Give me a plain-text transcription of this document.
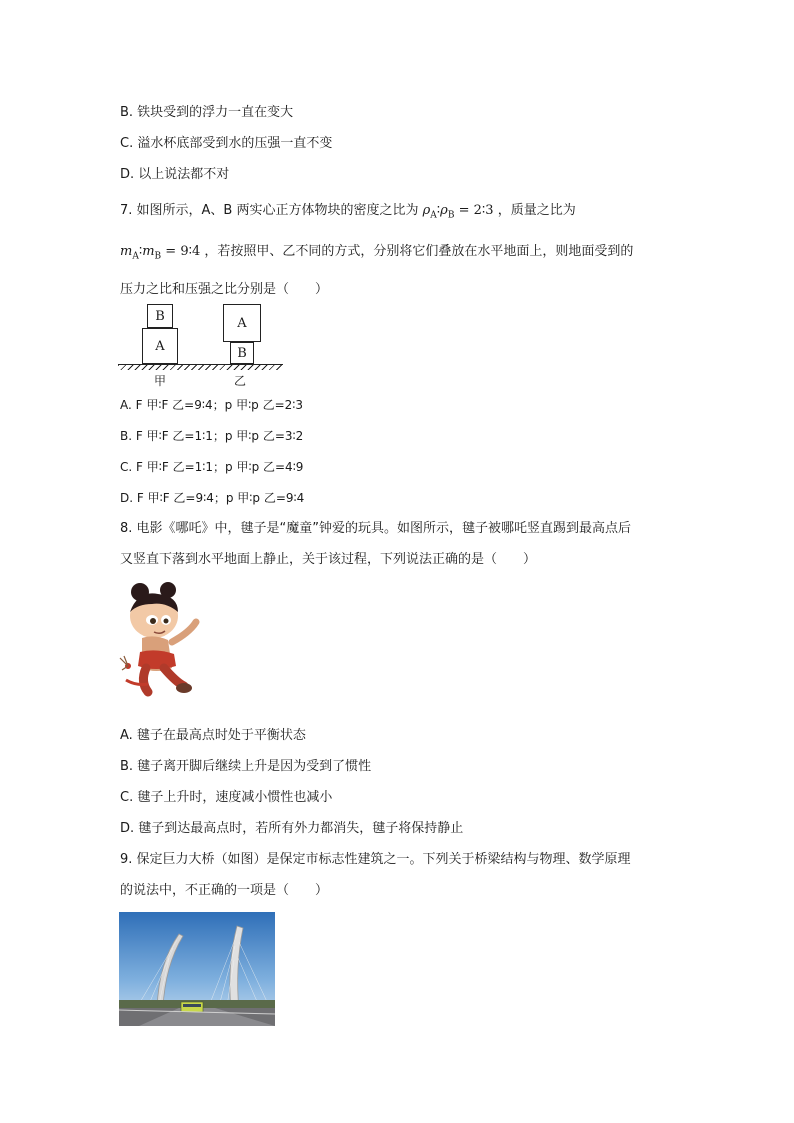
B. 铁块受到的浮力一直在变大
C. 溢水杯底部受到水的压强一直不变
D. 以上说法都不对
7. 如图所示，A、B 两实心正方体物块的密度之比为 $\rho_A∶\rho_B$ = 2∶3 ，质量之比为
$m_A∶m_B$ = 9∶4 ，若按照甲、乙不同的方式，分别将它们叠放在水平地面上，则地面受到的
压力之比和压强之比分别是（　　）
B
A
A
B
甲	乙
A. F 甲∶F 乙=9∶4；p 甲∶p 乙=2∶3
B. F 甲∶F 乙=1∶1；p 甲∶p 乙=3∶2
C. F 甲∶F 乙=1∶1；p 甲∶p 乙=4∶9
D. F 甲∶F 乙=9∶4；p 甲∶p 乙=9∶4
8. 电影《哪吒》中，毽子是“魔童”钟爱的玩具。如图所示，毽子被哪吒竖直踢到最高点后
又竖直下落到水平地面上静止，关于该过程，下列说法正确的是（　　）
A. 毽子在最高点时处于平衡状态
B. 毽子离开脚后继续上升是因为受到了惯性
C. 毽子上升时，速度减小惯性也减小
D. 毽子到达最高点时，若所有外力都消失，毽子将保持静止
9. 保定巨力大桥（如图）是保定市标志性建筑之一。下列关于桥梁结构与物理、数学原理
的说法中，不正确的一项是（　　）
